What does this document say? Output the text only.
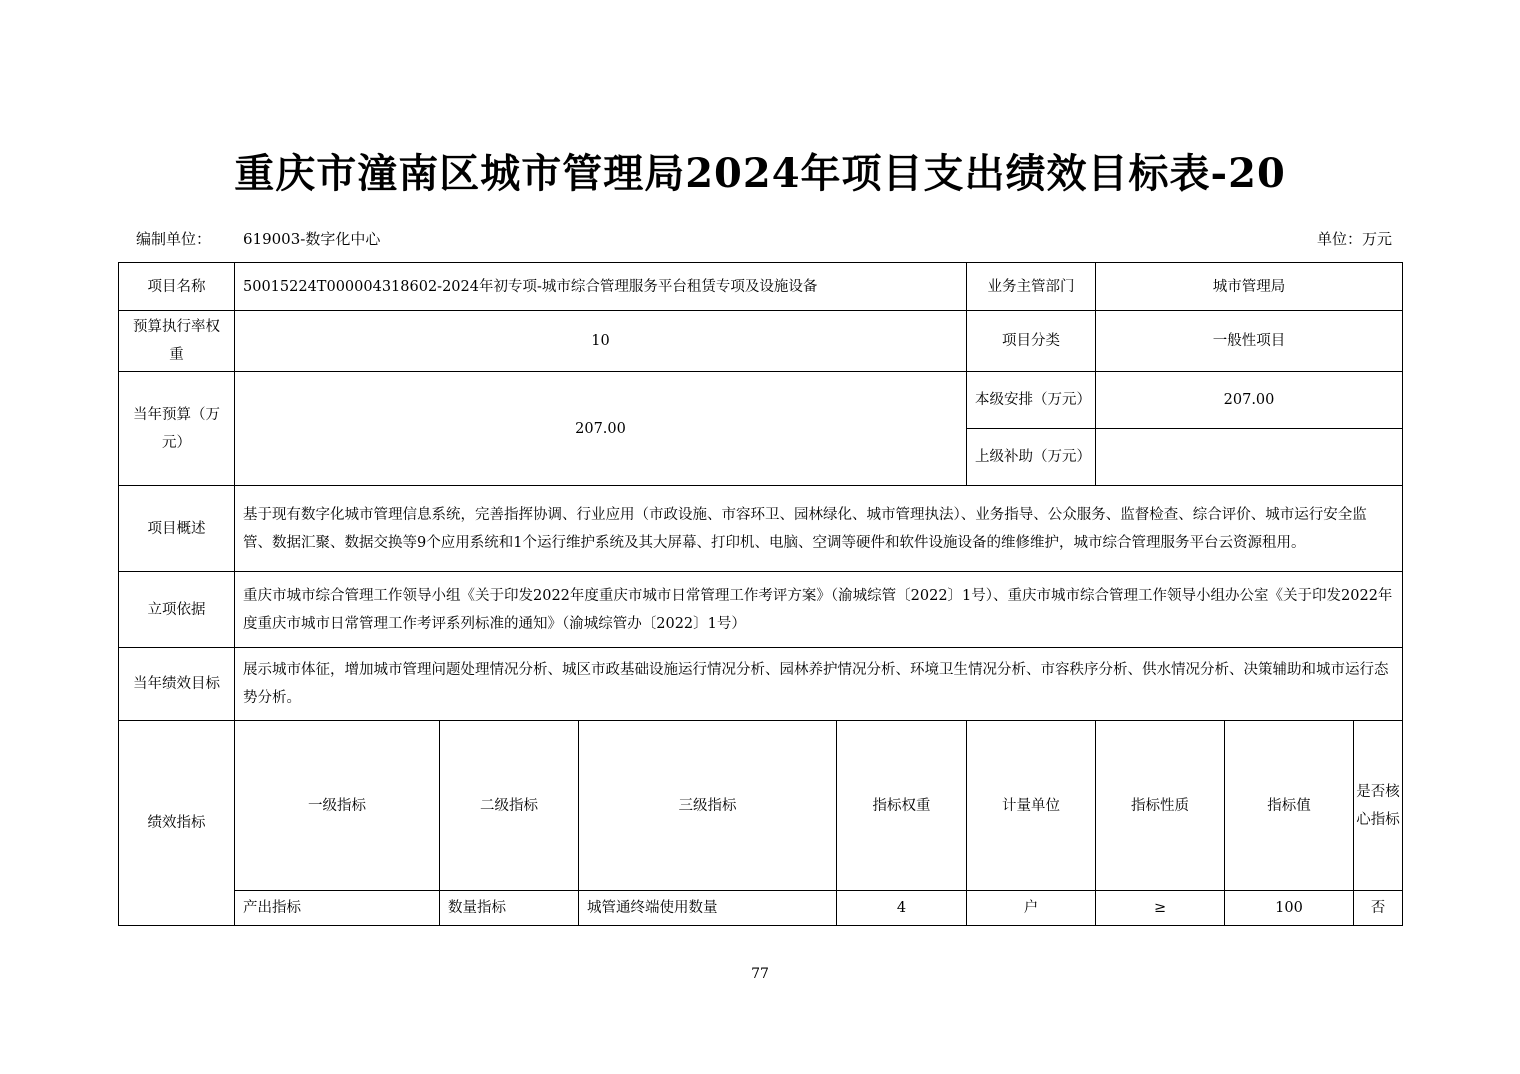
重庆市潼南区城市管理局2024年项目支出绩效目标表-20
编制单位： 619003-数字化中心	单位：万元
项目名称	50015224T000004318602-2024年初专项-城市综合管理服务平台租赁专项及设施设备				业务主管部门	城市管理局		
预算执行率权重	10				项目分类	一般性项目		
当年预算（万元）	207.00				本级安排（万元）	207.00		
					上级补助（万元）			
项目概述	基于现有数字化城市管理信息系统，完善指挥协调、行业应用（市政设施、市容环卫、园林绿化、城市管理执法）、业务指导、公众服务、监督检查、综合评价、城市运行安全监管、数据汇聚、数据交换等9个应用系统和1个运行维护系统及其大屏幕、打印机、电脑、空调等硬件和软件设施设备的维修维护，城市综合管理服务平台云资源租用。							
立项依据	重庆市城市综合管理工作领导小组《关于印发2022年度重庆市城市日常管理工作考评方案》（渝城综管〔2022〕1号）、重庆市城市综合管理工作领导小组办公室《关于印发2022年度重庆市城市日常管理工作考评系列标准的通知》（渝城综管办〔2022〕1号）							
当年绩效目标	展示城市体征，增加城市管理问题处理情况分析、城区市政基础设施运行情况分析、园林养护情况分析、环境卫生情况分析、市容秩序分析、供水情况分析、决策辅助和城市运行态势分析。							
绩效指标	一级指标	二级指标	三级指标	指标权重	计量单位	指标性质	指标值	是否核心指标
	产出指标	数量指标	城管通终端使用数量	4	户	≥	100	否
77
